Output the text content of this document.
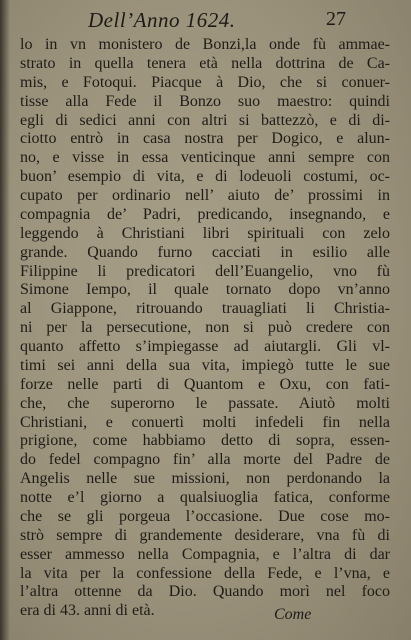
Dell’Anno 1624.	27
lo in vn monistero de Bonzi,la onde fù ammae-
strato in quella tenera età nella dottrina de Ca-
mis, e Fotoqui. Piacque à Dio, che si conuer-
tisse alla Fede il Bonzo suo maestro: quindi
egli di sedici anni con altri si battezzò, e di di-
ciotto entrò in casa nostra per Dogico, e alun-
no, e visse in essa venticinque anni sempre con
buon’ esempio di vita, e di lodeuoli costumi, oc-
cupato per ordinario nell’ aiuto de’ prossimi in
compagnia de’ Padri, predicando, insegnando, e
leggendo à Christiani libri spirituali con zelo
grande. Quando furno cacciati in esilio alle
Filippine li predicatori dell’Euangelio, vno fù
Simone Iempo, il quale tornato dopo vn’anno
al Giappone, ritrouando trauagliati li Christia-
ni per la persecutione, non si può credere con
quanto affetto s’impiegasse ad aiutargli. Gli vl-
timi sei anni della sua vita, impiegò tutte le sue
forze nelle parti di Quantom e Oxu, con fati-
che, che superorno le passate. Aiutò molti
Christiani, e conuertì molti infedeli fin nella
prigione, come habbiamo detto di sopra, essen-
do fedel compagno fin’ alla morte del Padre de
Angelis nelle sue missioni, non perdonando la
notte e’l giorno a qualsiuoglia fatica, conforme
che se gli porgeua l’occasione. Due cose mo-
strò sempre di grandemente desiderare, vna fù di
esser ammesso nella Compagnia, e l’altra di dar
la vita per la confessione della Fede, e l’vna, e
l’altra ottenne da Dio. Quando morì nel foco
era di 43. anni di età.	Come
